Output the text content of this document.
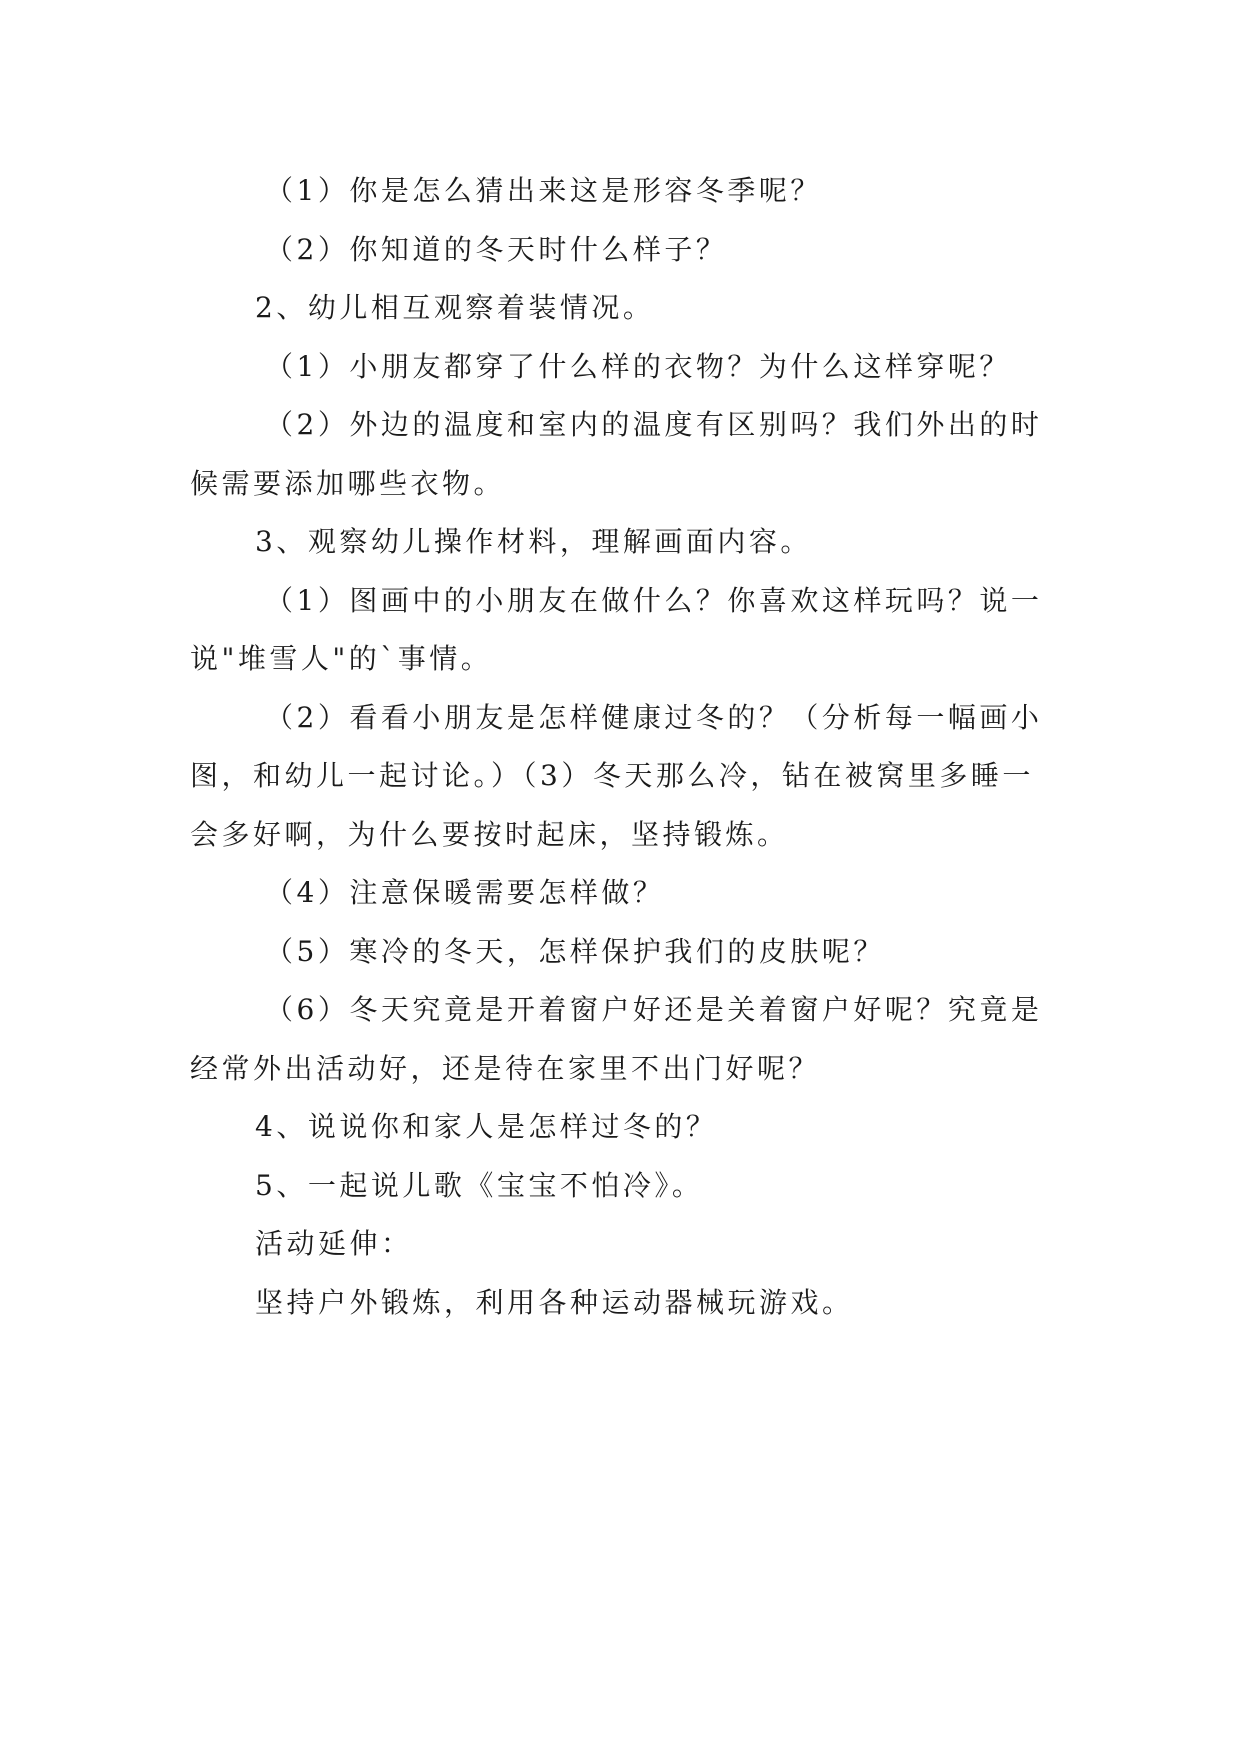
（1）你是怎么猜出来这是形容冬季呢？

（2）你知道的冬天时什么样子？

2、幼儿相互观察着装情况。

（1）小朋友都穿了什么样的衣物？为什么这样穿呢？

（2）外边的温度和室内的温度有区别吗？我们外出的时候需要添加哪些衣物。

3、观察幼儿操作材料，理解画面内容。

（1）图画中的小朋友在做什么？你喜欢这样玩吗？说一说"堆雪人"的`事情。

（2）看看小朋友是怎样健康过冬的？（分析每一幅画小图，和幼儿一起讨论。）（3）冬天那么冷，钻在被窝里多睡一会多好啊，为什么要按时起床，坚持锻炼。

（4）注意保暖需要怎样做？

（5）寒冷的冬天，怎样保护我们的皮肤呢？

（6）冬天究竟是开着窗户好还是关着窗户好呢？究竟是经常外出活动好，还是待在家里不出门好呢？

4、说说你和家人是怎样过冬的？

5、一起说儿歌《宝宝不怕冷》。

活动延伸：

坚持户外锻炼，利用各种运动器械玩游戏。
